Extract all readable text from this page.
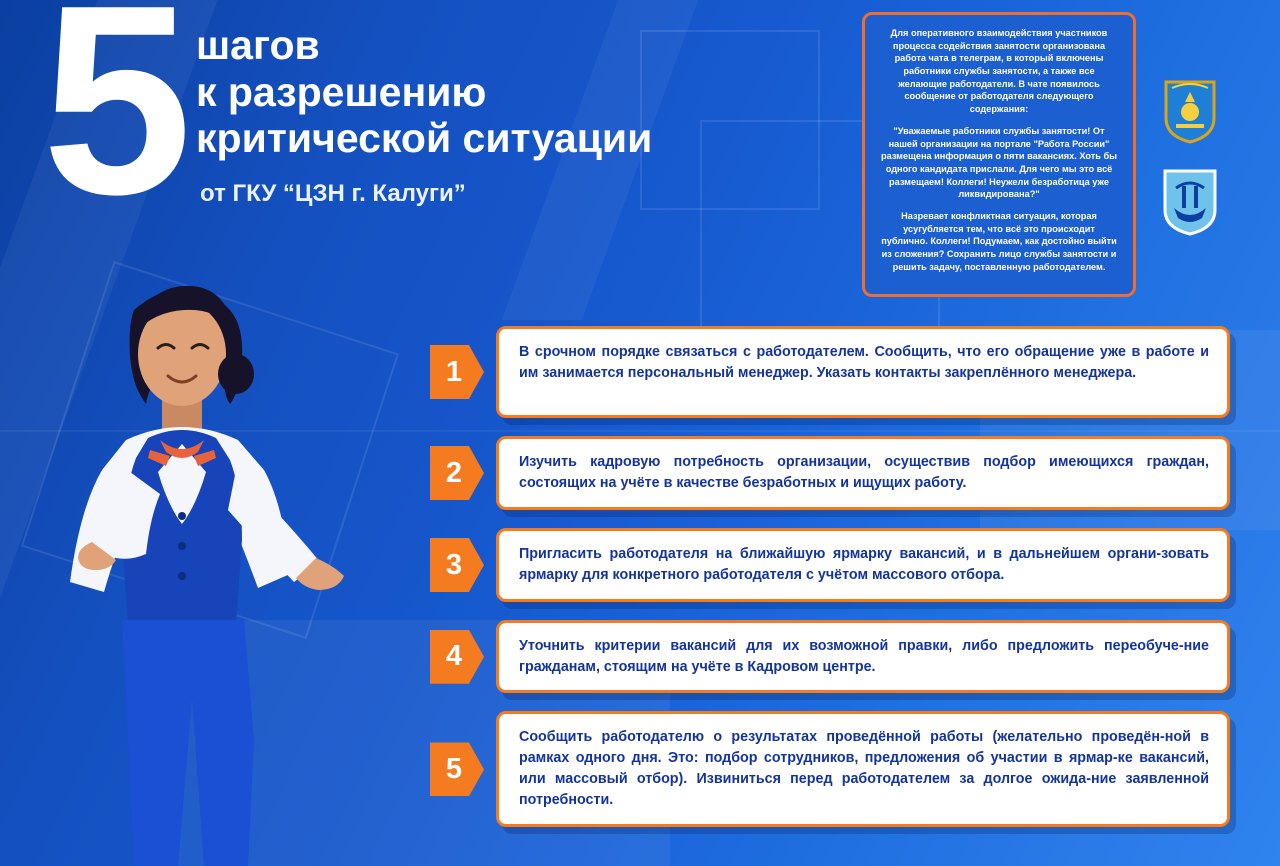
5 шагов
к разрешению
критической ситуации
от ГКУ “ЦЗН г. Калуги”

Для оперативного взаимодействия участников процесса содействия занятости организована работа чата в телеграм, в который включены работники службы занятости, а также все желающие работодатели. В чате появилось сообщение от работодателя следующего содержания:

"Уважаемые работники службы занятости! От нашей организации на портале "Работа России" размещена информация о пяти вакансиях. Хоть бы одного кандидата прислали. Для чего мы это всё размещаем! Коллеги! Неужели безработица уже ликвидирована?"

Назревает конфликтная ситуация, которая усугубляется тем, что всё это происходит публично. Коллеги! Подумаем, как достойно выйти из сложения? Сохранить лицо службы занятости и решить задачу, поставленную работодателем.

1
В срочном порядке связаться с работодателем. Сообщить, что его обращение уже в работе и им занимается персональный менеджер. Указать контакты закреплённого менеджера.
2	Изучить кадровую потребность организации, осуществив подбор имеющихся граждан, состоящих на учёте в качестве безработных и ищущих работу.
3	Пригласить работодателя на ближайшую ярмарку вакансий, и в дальнейшем органи-зовать ярмарку для конкретного работодателя с учётом массового отбора.
4	Уточнить критерии вакансий для их возможной правки, либо предложить переобуче-ние гражданам, стоящим на учёте в Кадровом центре.
5
Сообщить работодателю о результатах проведённой работы (желательно проведён-ной в рамках одного дня. Это: подбор сотрудников, предложения об участии в ярмар-ке вакансий, или массовый отбор). Извиниться перед работодателем за долгое ожида-ние заявленной потребности.
